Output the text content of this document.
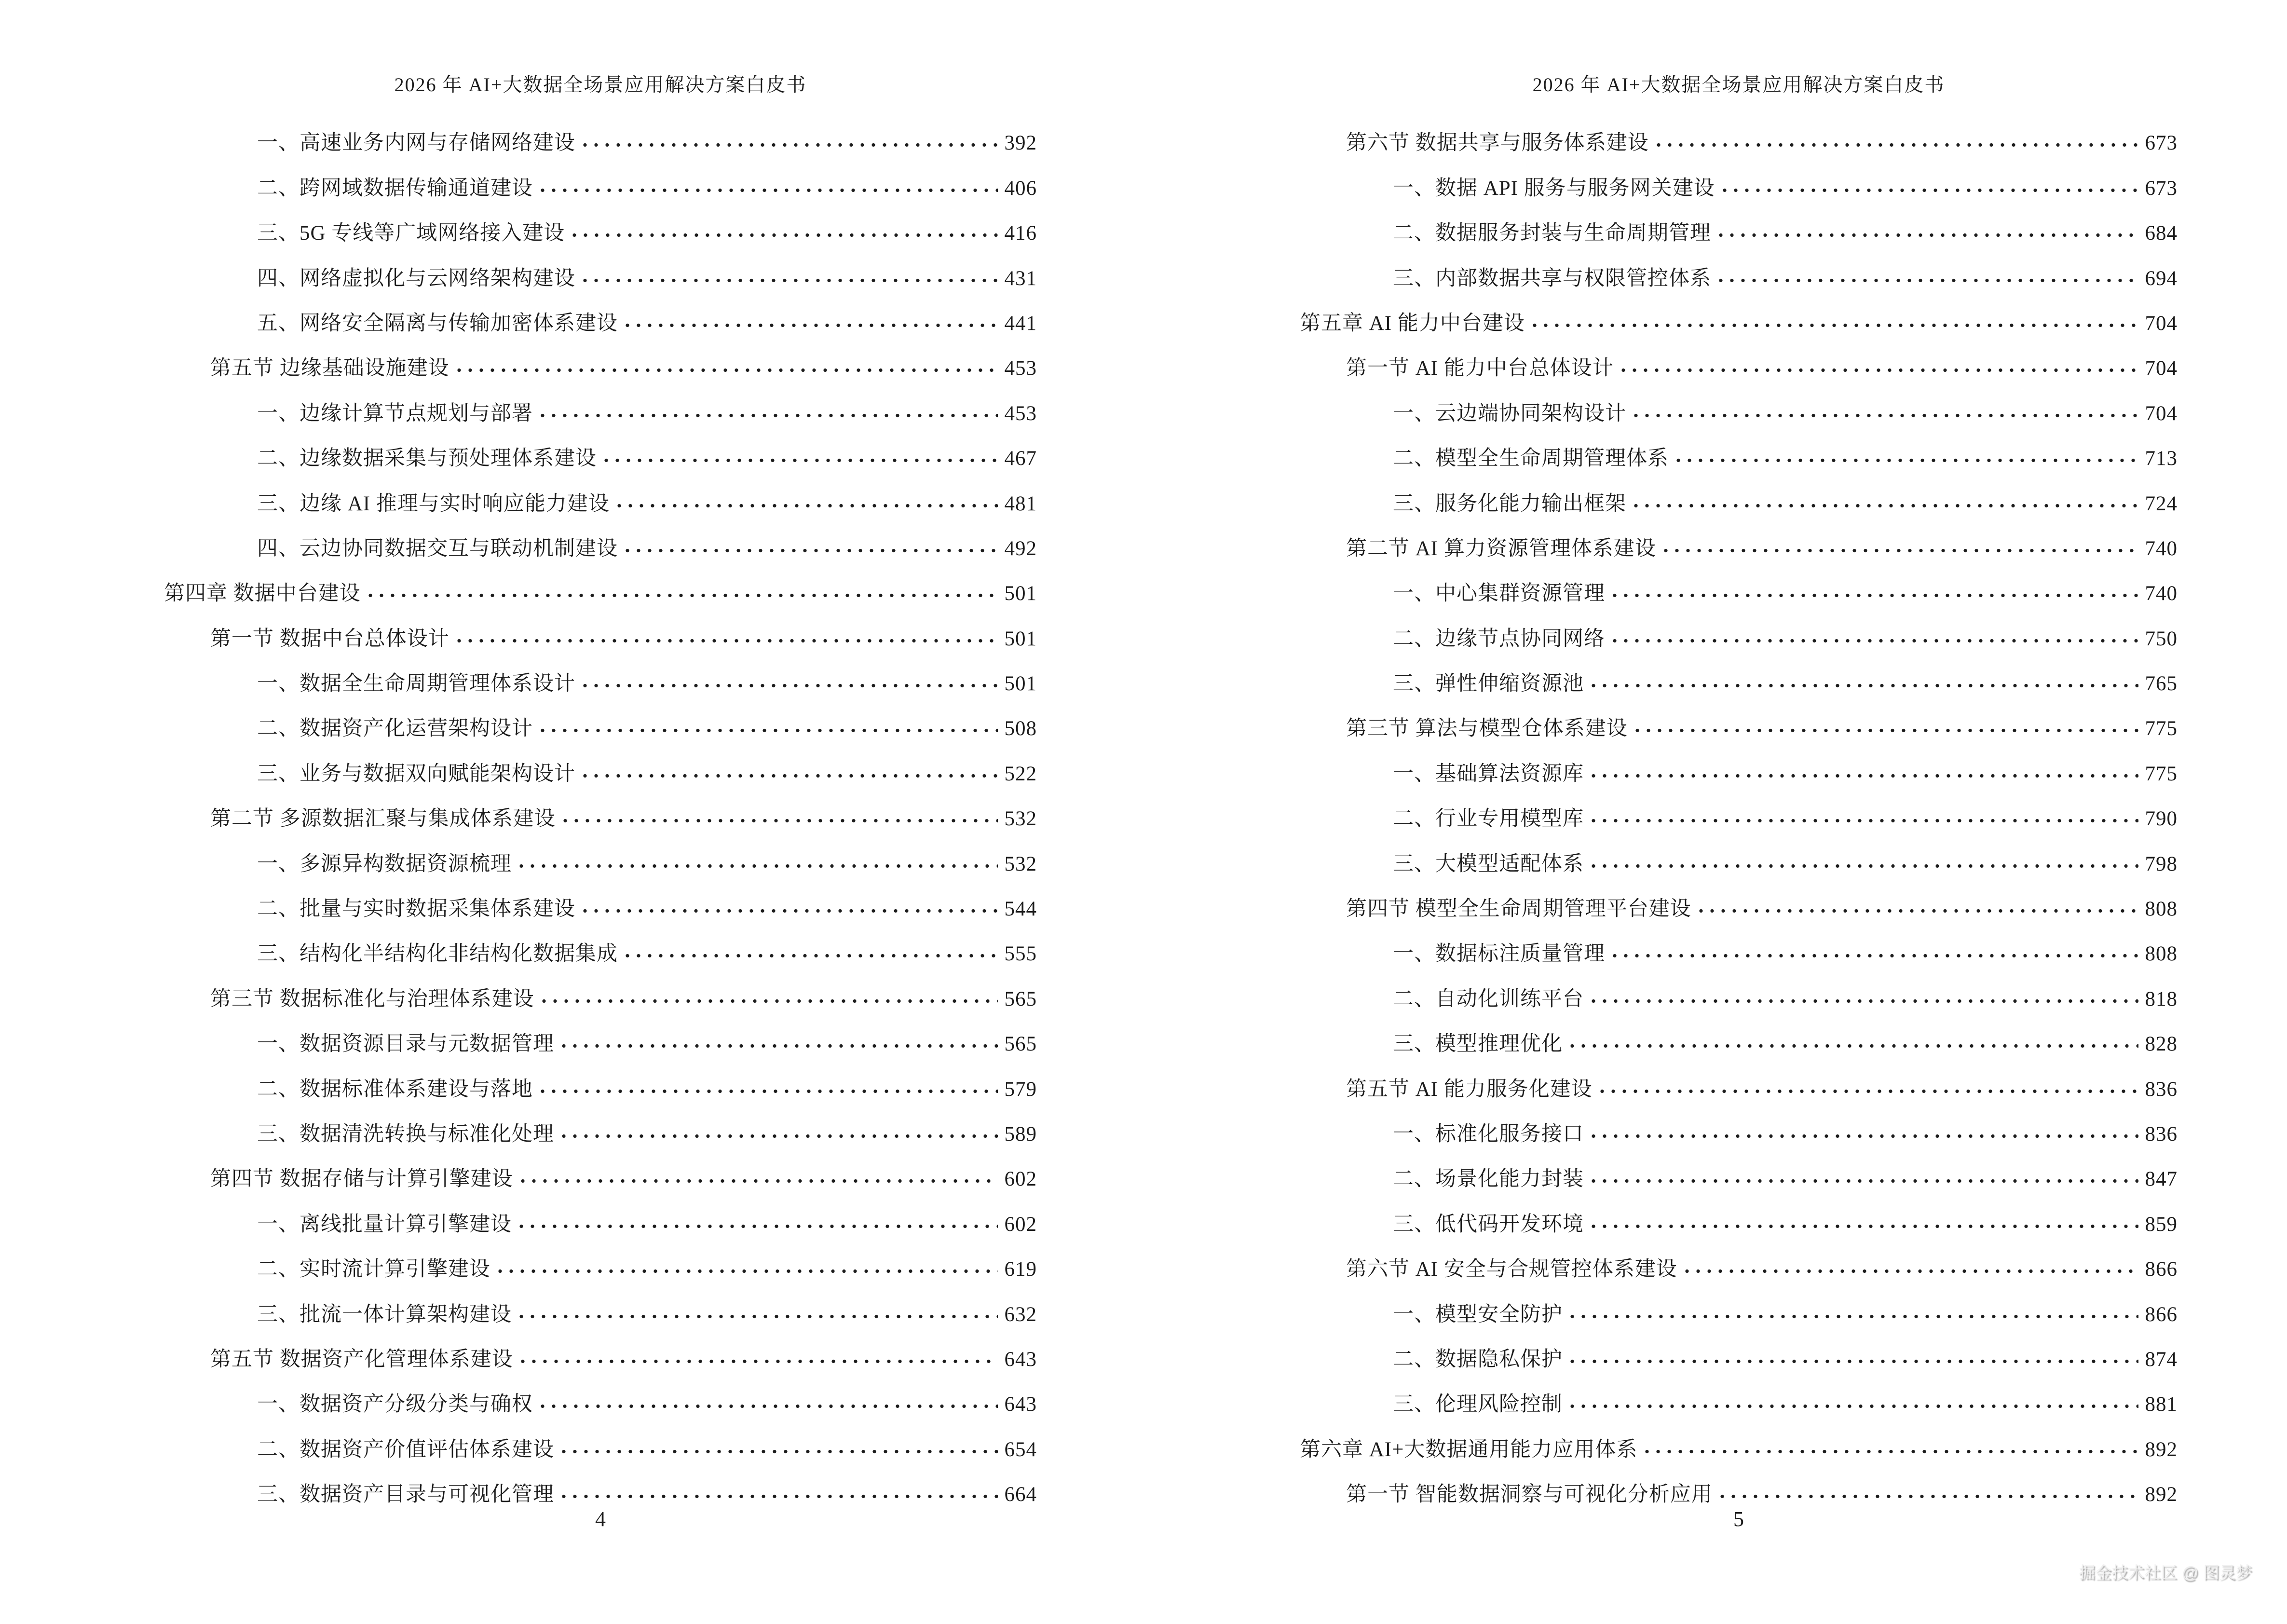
2026 年 AI+大数据全场景应用解决方案白皮书
一、高速业务内网与存储网络建设	392
二、跨网域数据传输通道建设	406
三、5G 专线等广域网络接入建设	416
四、网络虚拟化与云网络架构建设	431
五、网络安全隔离与传输加密体系建设	441
第五节 边缘基础设施建设	453
一、边缘计算节点规划与部署	453
二、边缘数据采集与预处理体系建设	467
三、边缘 AI 推理与实时响应能力建设	481
四、云边协同数据交互与联动机制建设	492
第四章 数据中台建设	501
第一节 数据中台总体设计	501
一、数据全生命周期管理体系设计	501
二、数据资产化运营架构设计	508
三、业务与数据双向赋能架构设计	522
第二节 多源数据汇聚与集成体系建设	532
一、多源异构数据资源梳理	532
二、批量与实时数据采集体系建设	544
三、结构化半结构化非结构化数据集成	555
第三节 数据标准化与治理体系建设	565
一、数据资源目录与元数据管理	565
二、数据标准体系建设与落地	579
三、数据清洗转换与标准化处理	589
第四节 数据存储与计算引擎建设	602
一、离线批量计算引擎建设	602
二、实时流计算引擎建设	619
三、批流一体计算架构建设	632
第五节 数据资产化管理体系建设	643
一、数据资产分级分类与确权	643
二、数据资产价值评估体系建设	654
三、数据资产目录与可视化管理	664
4
2026 年 AI+大数据全场景应用解决方案白皮书
第六节 数据共享与服务体系建设	673
一、数据 API 服务与服务网关建设	673
二、数据服务封装与生命周期管理	684
三、内部数据共享与权限管控体系	694
第五章 AI 能力中台建设	704
第一节 AI 能力中台总体设计	704
一、云边端协同架构设计	704
二、模型全生命周期管理体系	713
三、服务化能力输出框架	724
第二节 AI 算力资源管理体系建设	740
一、中心集群资源管理	740
二、边缘节点协同网络	750
三、弹性伸缩资源池	765
第三节 算法与模型仓体系建设	775
一、基础算法资源库	775
二、行业专用模型库	790
三、大模型适配体系	798
第四节 模型全生命周期管理平台建设	808
一、数据标注质量管理	808
二、自动化训练平台	818
三、模型推理优化	828
第五节 AI 能力服务化建设	836
一、标准化服务接口	836
二、场景化能力封装	847
三、低代码开发环境	859
第六节 AI 安全与合规管控体系建设	866
一、模型安全防护	866
二、数据隐私保护	874
三、伦理风险控制	881
第六章 AI+大数据通用能力应用体系	892
第一节 智能数据洞察与可视化分析应用	892
5
掘金技术社区 @ 图灵梦
